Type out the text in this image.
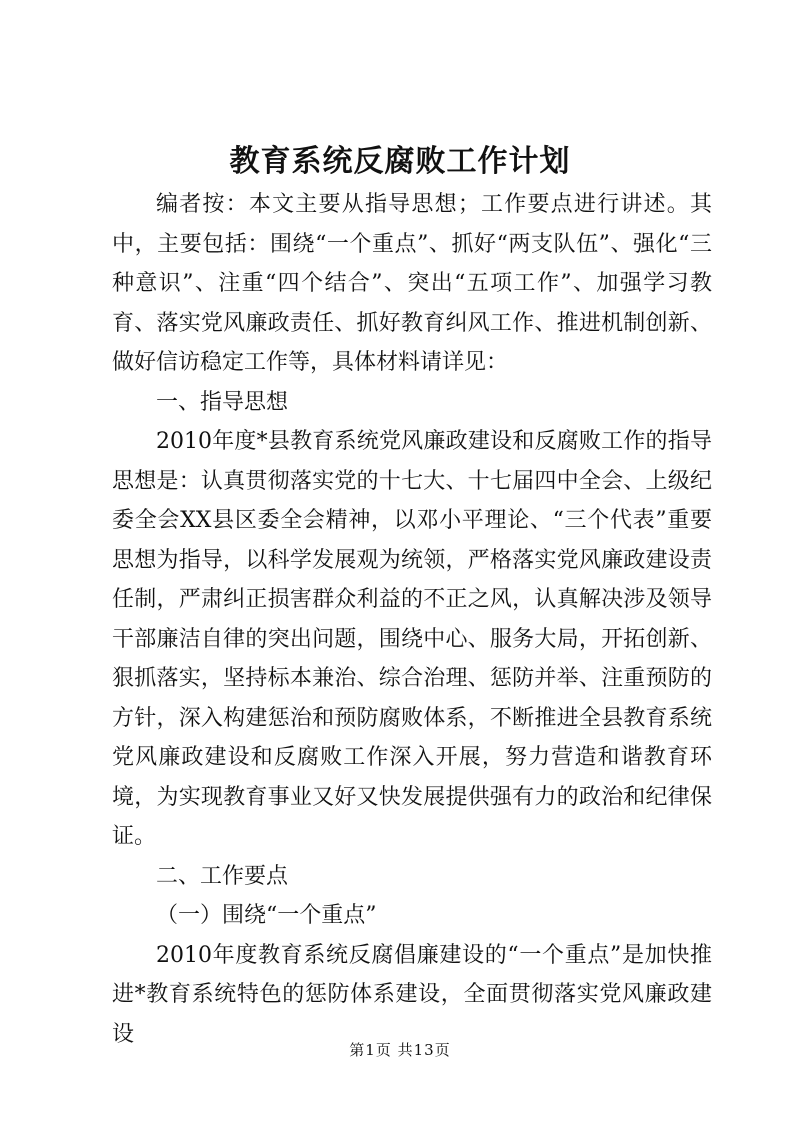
教育系统反腐败工作计划

编者按：本文主要从指导思想；工作要点进行讲述。其中，主要包括：围绕“一个重点”、抓好“两支队伍”、强化“三种意识”、注重“四个结合”、突出“五项工作”、加强学习教育、落实党风廉政责任、抓好教育纠风工作、推进机制创新、做好信访稳定工作等，具体材料请详见：

一、指导思想

2010年度*县教育系统党风廉政建设和反腐败工作的指导思想是：认真贯彻落实党的十七大、十七届四中全会、上级纪委全会XX县区委全会精神，以邓小平理论、“三个代表”重要思想为指导，以科学发展观为统领，严格落实党风廉政建设责任制，严肃纠正损害群众利益的不正之风，认真解决涉及领导干部廉洁自律的突出问题，围绕中心、服务大局，开拓创新、狠抓落实，坚持标本兼治、综合治理、惩防并举、注重预防的方针，深入构建惩治和预防腐败体系，不断推进全县教育系统党风廉政建设和反腐败工作深入开展，努力营造和谐教育环境，为实现教育事业又好又快发展提供强有力的政治和纪律保证。

二、工作要点

（一）围绕“一个重点”

2010年度教育系统反腐倡廉建设的“一个重点”是加快推进*教育系统特色的惩防体系建设，全面贯彻落实党风廉政建设

第1页 共13页
